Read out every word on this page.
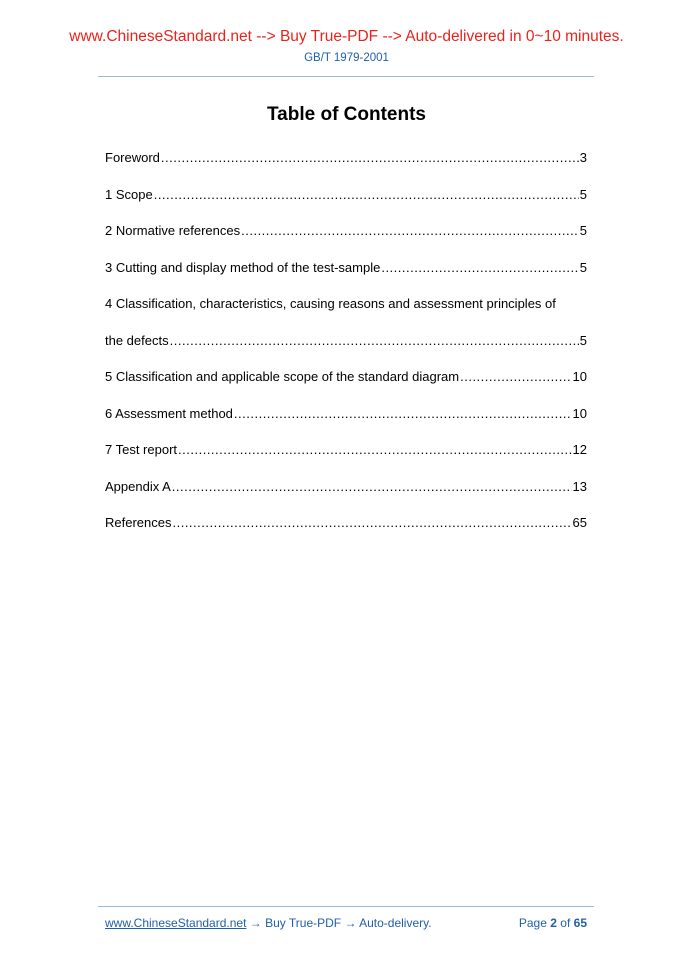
www.ChineseStandard.net --> Buy True-PDF --> Auto-delivered in 0~10 minutes.
GB/T 1979-2001
Table of Contents
Foreword .....	3
1 Scope .....	5
2 Normative references .....	5
3 Cutting and display method of the test-sample .....	5
4 Classification, characteristics, causing reasons and assessment principles of
the defects .....	5
5 Classification and applicable scope of the standard diagram .....	10
6 Assessment method .....	10
7 Test report .....	12
Appendix A .....	13
References .....	65
www.ChineseStandard.net → Buy True-PDF → Auto-delivery.	Page 2 of 65
